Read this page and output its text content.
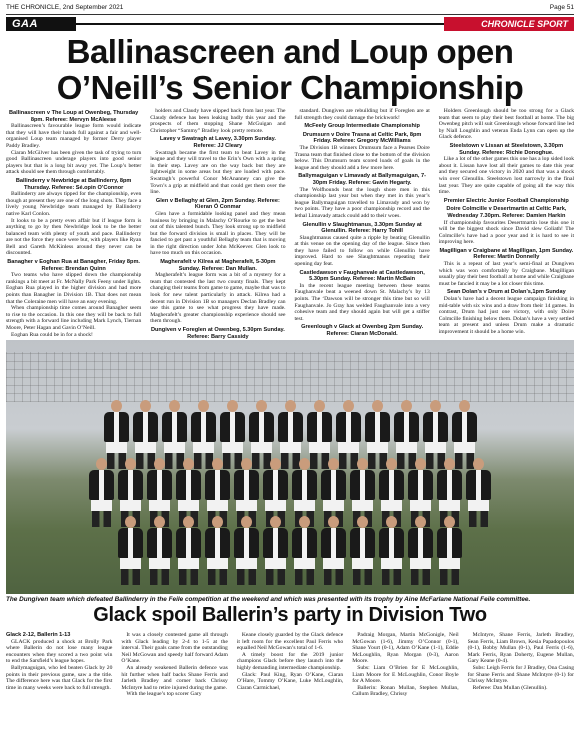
THE CHRONICLE, 2nd September 2021	Page 51
GAA	CHRONICLE SPORT
Ballinascreen and Loup open
O’Neill’s Senior Championship
Ballinascreen v The Loup at Owenbeg, Thursday 8pm. Referee: Mervyn McAleese

Ballinascreen’s favourable league form would indicate that they will have their hands full against a fair and well-organised Loup team managed by former Derry player Paddy Bradley.

Ciaran McGilver has been given the task of trying to turn good Ballinascreen underage players into good senior players but that is a long bit away yet. The Loup’s better attack should see them through comfortably.

Ballinderry v Newbridge at Ballinderry, 8pm Thursday. Referee: Sé.opin O’Connor

Ballinderry are always tipped for the championship, even though at present they are one of the long shots. They face a lively young Newbridge team managed by Ballinderry native Karl Conlon.

It looks to be a pretty even affair but if league form is anything to go by then Newbridge look to be the better balanced team with plenty of youth and pace. Ballinderry are not the force they once were but, with players like Ryan Bell and Gareth McKinless around they never can be discounted.

Banagher v Eoghan Rua at Banagher, Friday 8pm. Referee: Brendan Quinn

Two teams who have slipped down the championship rankings a bit meet at Fr. McNally Park Feeny under lights. Eoghan Rua played in the higher division and had more points than Banagher in Division 1B. That does not mean that the Coleraine men will have an easy evening.

When championship time comes around Banagher seem to rise to the occasion. In this one they will be back to full strength with a forward line including Mark Lynch, Tiernan Moore, Peter Hagan and Gavin O’Neill.

Eoghan Rua could be in for a shock!

holders and Claudy have slipped back from last year. The Claudy defence has been leaking badly this year and the prospects of them stopping Shane McGuigan and Christopher “Sammy” Bradley look pretty remote.

Lavey v Swatragh at Lavey, 3.30pm Sunday. Referee: JJ Cleary

Swatragh became the first team to beat Lavey in the league and they will travel to the Erin’s Own with a spring in their step. Lavey are on the way back but they are lightweight in some areas but they are loaded with pace. Swatragh’s powerful Conor McAnanney can give the Town’s a grip at midfield and that could get them over the line.

Glen v Bellaghy at Glen, 2pm Sunday. Referee: Kieran Ó Conmar

Glen have a formidable looking panel and they mean business by bringing in Malachy O’Rourke to get the best out of this talented bunch. They look strong up to midfield but the forward division is small in places. They will be fancied to get past a youthful Bellaghy team that is moving in the right direction under John McKeever. Glen look to have too much on this occasion.

Magherafelt v Kilrea at Magherafelt, 5-30pm Sunday. Referee: Dan Mullan.

Magherafelt’s league form was a bit of a mystery for a team that contested the last two county finals. They kept changing their teams from game to game, maybe that was to look for new talent particularly in attack. Kilrea had a decent run in Division 1B so managers Declan Bradley can use this game to see what progress they have made. Magherafelt’s greater championship experience should see them through.

Dungiven v Foreglen at Owenbeg, 5.30pm Sunday. Referee: Barry Cassidy

standard. Dungiven are rebuilding but if Foreglen are at full strength they could damage the brickwork!

McFeely Group Intermediate Championship
Drumsurn v Doire Trasna at Celtic Park, 8pm Friday. Referee: Gregory McWilliams

The Division 1B winners Drumsurn face a Pearses Doire Trasna team that finished close to the bottom of the division below. This Drumsurn team scored loads of goals in the league and they should add a few more here.

Ballymaguigan v Limavady at Ballymaguigan, 7-30pm Friday. Referee: Gavin Hegarty.

The Wolfhounds beat the lough shore men in this championship last year but when they met in this year’s league Ballymaguigan travelled to Limavady and won by two points. They have a poor championship record and the lethal Limavady attack could add to their woes.

Glenullin v Slaughtmanus, 3.30pm Sunday at Glenullin. Referee: Harry Tohill

Slaughtmanus caused quite a ripple by beating Glenullin at this venue on the opening day of the league. Since then they have failed to follow on while Glenullin have improved. Hard to see Slaughtmanus repeating their opening day feat.

Castledawson v Faughanvale at Castledawson, 5.30pm Sunday. Referee: Martin McBain

In the recent league meeting between these teams Faughanvale beat a weened down St. Malachy’s by 13 points. The ‘Dawson will be stronger this time but so will Faughanvale. Jo Gray has welded Faughanvale into a very cohesive team and they should again but will get a stiffer test.

Greenlough v Glack at Owenbeg 2pm Sunday. Referee: Ciaran McDonald.

Holders Greenlough should be too strong for a Glack team that seem to play their best football at home. The big Owenbeg pitch will suit Greenlough whose forward line led by Niall Loughlin and veteran Enda Lynn can open up the Glack defence.

Steelstown v Lissan at Steelstown, 3.30pm Sunday. Referee: Richie Donoghue.

Like a lot of the other games this one has a lop sided look about it. Lissan have lost all their games to date this year and they secured one victory in 2020 and that was a shock win over Glenullin. Steelstown lost narrowly in the final last year. They are quite capable of going all the way this time.

Premier Electric Junior Football Championship
Doire Colmcille v Desertmartin at Celtic Park, Wednesday 7.30pm. Referee: Damien Harkin

If championship favourites Desertmartin lose this one it will be the biggest shock since David slew Goliath! The Colmcille’s have had a poor year and it is hard to see it improving here.

Magilligan v Craigbane at Magilligan, 1pm Sunday. Referee: Martin Donnelly

This is a repeat of last year’s semi-final at Dungiven which was won comfortably by Craigbane. Magilligan usually play their best football at home and while Craigbane must be fancied it may be a lot closer this time.

Sean Dolan’s v Drum at Dolan’s,1pm Sunday

Dolan’s have had a decent league campaign finishing in mid-table with six wins and a draw from their 14 games. In contrast, Drum had just one victory, with only Doire Colmcille finishing below them. Dolan’s have a very settled team at present and unless Drum make a dramatic improvement it should be a home win.

The Dungiven team which defeated Ballinderry in the Feile competition at the weekend and which was presented with its trophy by Aine McFarlane National Feile committee.
Glack spoil Ballerin’s party in Division Two
Glack 2-12, Ballerin 1-13

GLACK produced a shock at Brolly Park where Ballerin do not lose many league encounters when they scored a two point win to end the Sarsfield’s league hopes.

Ballymaguigan, who led beaten Glack by 20 points in their previous game, saw a the title. The difference here was that Glack for the first time in many weeks were back to full strength.

It was a closely contested game all through with Glack leading by 2-4 to 1-5 at the interval. Their goals came from the outstanding Neil McGowan and speedy half forward Adam O’Kane.

An already weakened Ballerin defence was hit further when half backs Shane Ferris and Jarleth Bradley and corner back Chrissy McIntyre had to retire injured during the game.

With the league’s top scorer Gary

Keane closely guarded by the Glack defence it left room for the excellent Paul Ferris who equalled Neil McGowan’s total of 1-6.

A timely boost for the 2019 junior champions Glack before they launch into the highly demanding intermediate championship.

Glack: Paul King, Ryan O’Kane, Ciaran O’Hare, Tommy O’Kane, Luke McLoughlin, Ciaran Carmichael,

Padraig Morgan, Martin McGonigle, Neil McGowan (1-6), Jimmy O’Connor (0-1), Shane Yourt (0-1), Adam O’Kane (1-1), Eddie McLoughlin, Ryan Morgan (0-3), Aaron Moore.

Subs: Liam O’Brien for E McLoughlin, Liam Moore for E McLoughlin, Conor Boyle for A Moore.

Ballerin: Ronan Mullan, Stephen Mullan, Callum Bradley, Chrissy

McIntyre, Shane Ferris, Jarleth Bradley, Sean Ferris, Liam Brown, Kesia Papadopoulos (0-1), Bobby Mullan (0-1), Paul Ferris (1-6), Mark Ferris, Ryan Doherty, Eugene Mullan, Gary Keane (0-4).

Subs: Leigh Ferris for J Bradley, Ona Casing for Shane Ferris and Shane McIntyre (0-1) for Chrissy McIntyre.

Referee: Dan Mullan (Glenullin).
